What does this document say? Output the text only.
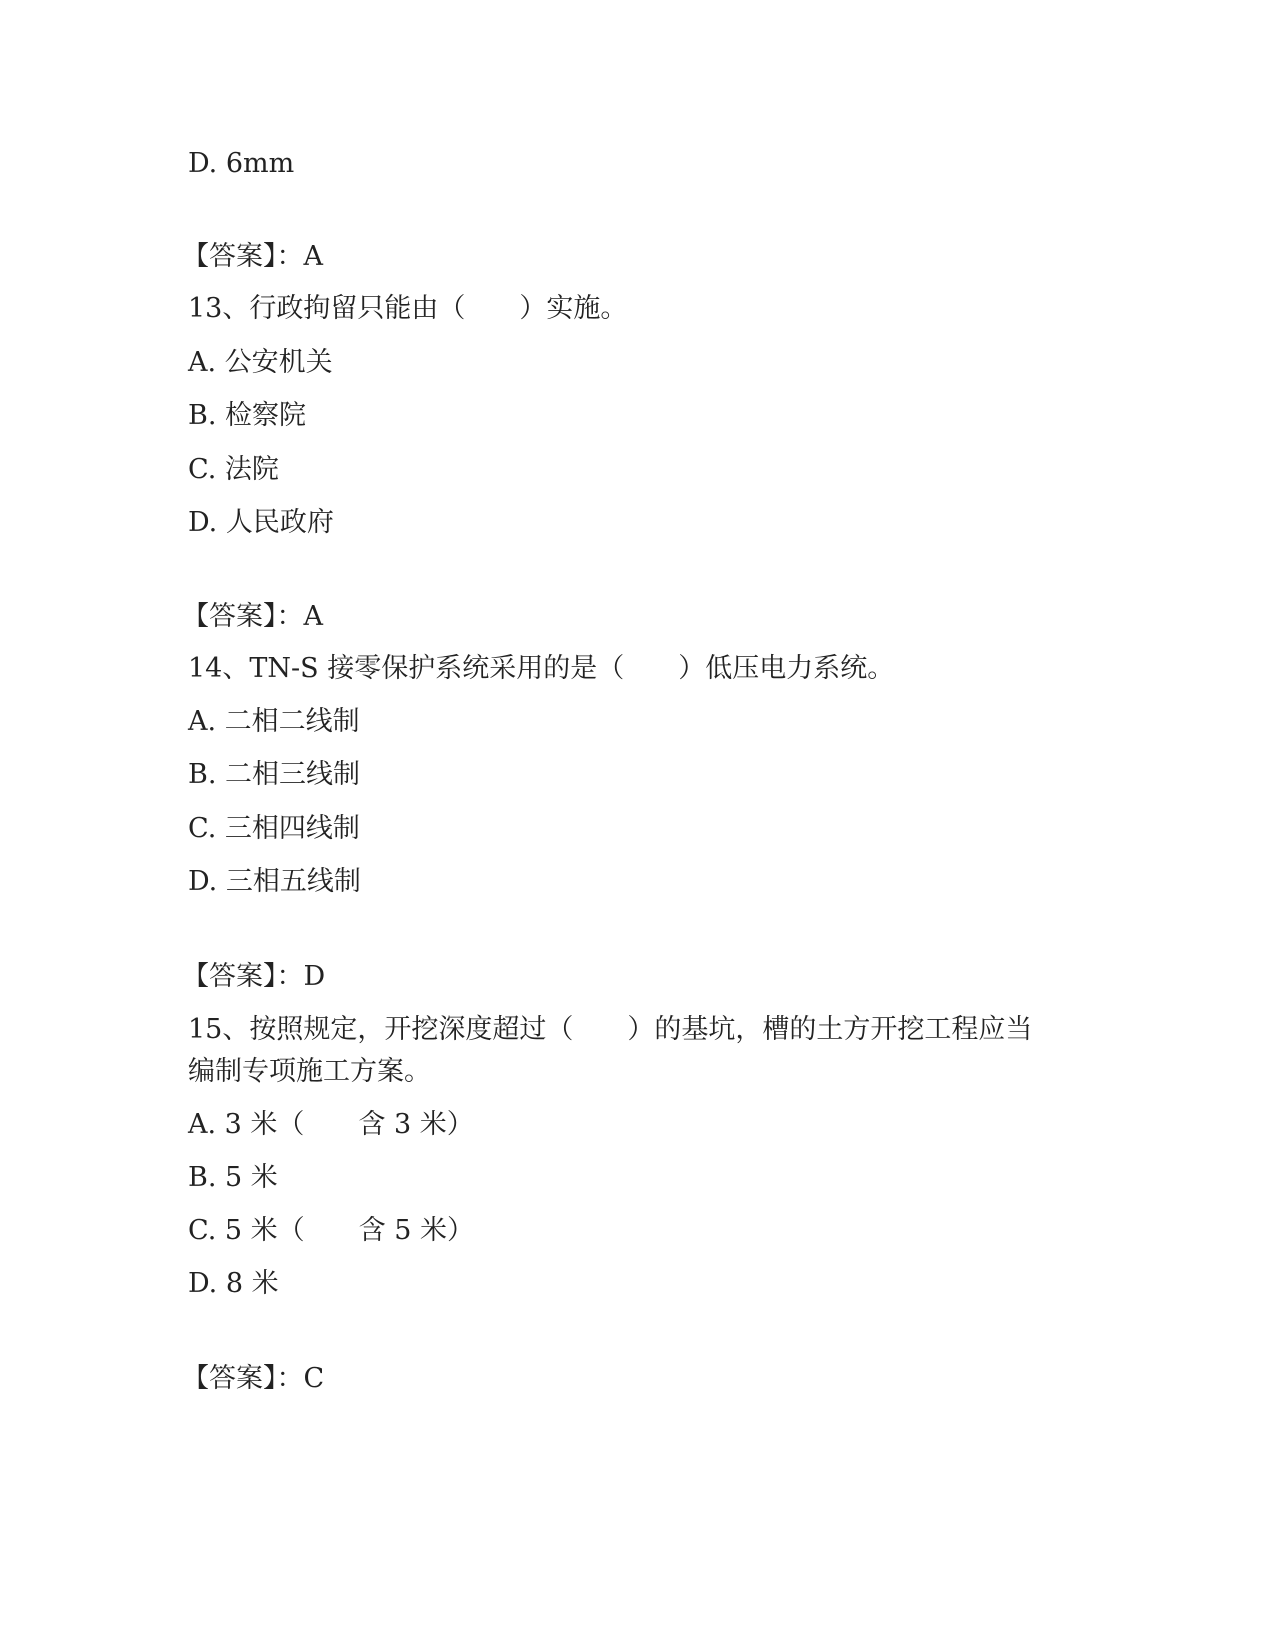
D. 6mm

【答案】：A

13、行政拘留只能由（　　）实施。

A. 公安机关

B. 检察院

C. 法院

D. 人民政府

【答案】：A

14、TN-S 接零保护系统采用的是（　　）低压电力系统。

A. 二相二线制

B. 二相三线制

C. 三相四线制

D. 三相五线制

【答案】：D

15、按照规定，开挖深度超过（　　）的基坑，槽的土方开挖工程应当

编制专项施工方案。

A. 3 米（　　含 3 米）

B. 5 米

C. 5 米（　　含 5 米）

D. 8 米

【答案】：C
